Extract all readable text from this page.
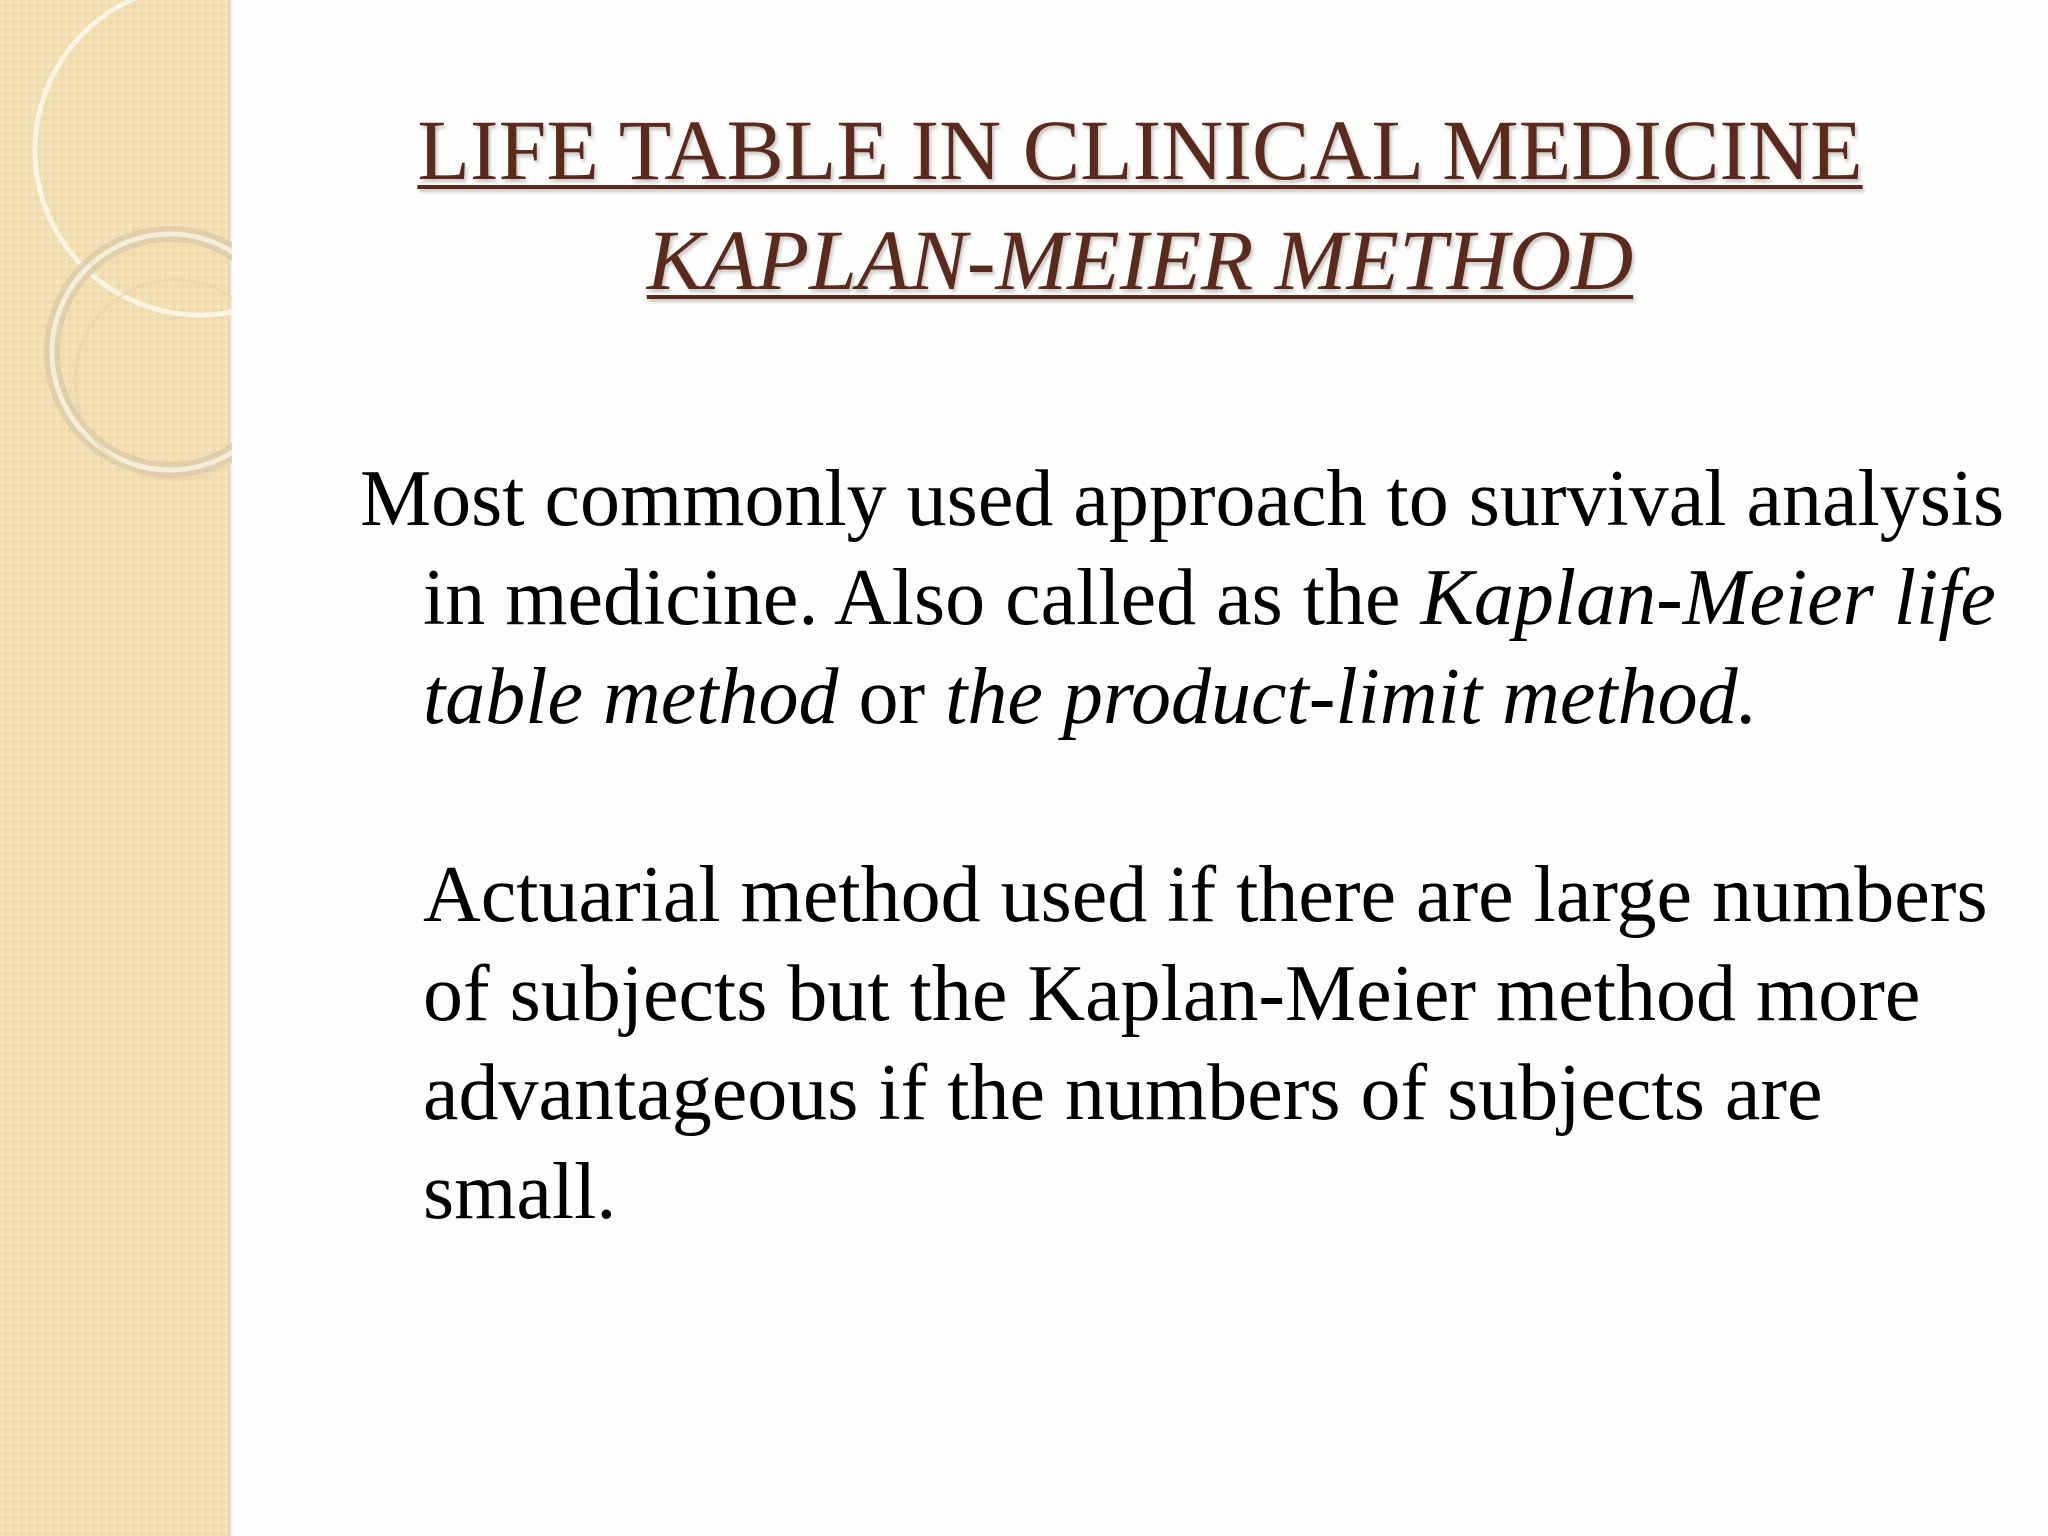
LIFE TABLE IN CLINICAL MEDICINE
KAPLAN-MEIER METHOD

Most commonly used approach to survival analysis in medicine. Also called as the Kaplan-Meier life table method or the product-limit method.

Actuarial method used if there are large numbers of subjects but the Kaplan-Meier method more advantageous if the numbers of subjects are small.
